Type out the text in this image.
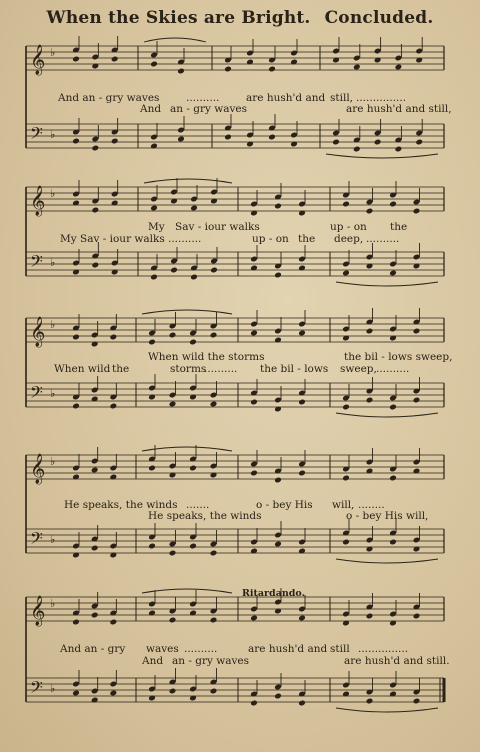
When the Skies are Bright. Concluded.
𝄞 ♭
𝄢 ♭
𝄞 ♭
𝄢 ♭
𝄞 ♭
𝄢 ♭
𝄞 ♭
𝄢 ♭
𝄞 ♭
𝄢 ♭
And an - gry waves	..........	are hush'd and still, ...............
And an - gry waves	are hush'd and still,
My Sav - iour walks	up - on the
My Sav - iour walks ..........	up - on the deep, ..........
When wild the storms	the bil - lows sweep,
When wild the	storms
.......... the bil - lows sweep, ..........
He speaks, the winds .......	o - bey His will, ........
He speaks, the winds	o - bey His will,
Ritardando.
And an - gry waves ..........	are hush'd and still ...............
And an - gry waves	are hush'd and still.
